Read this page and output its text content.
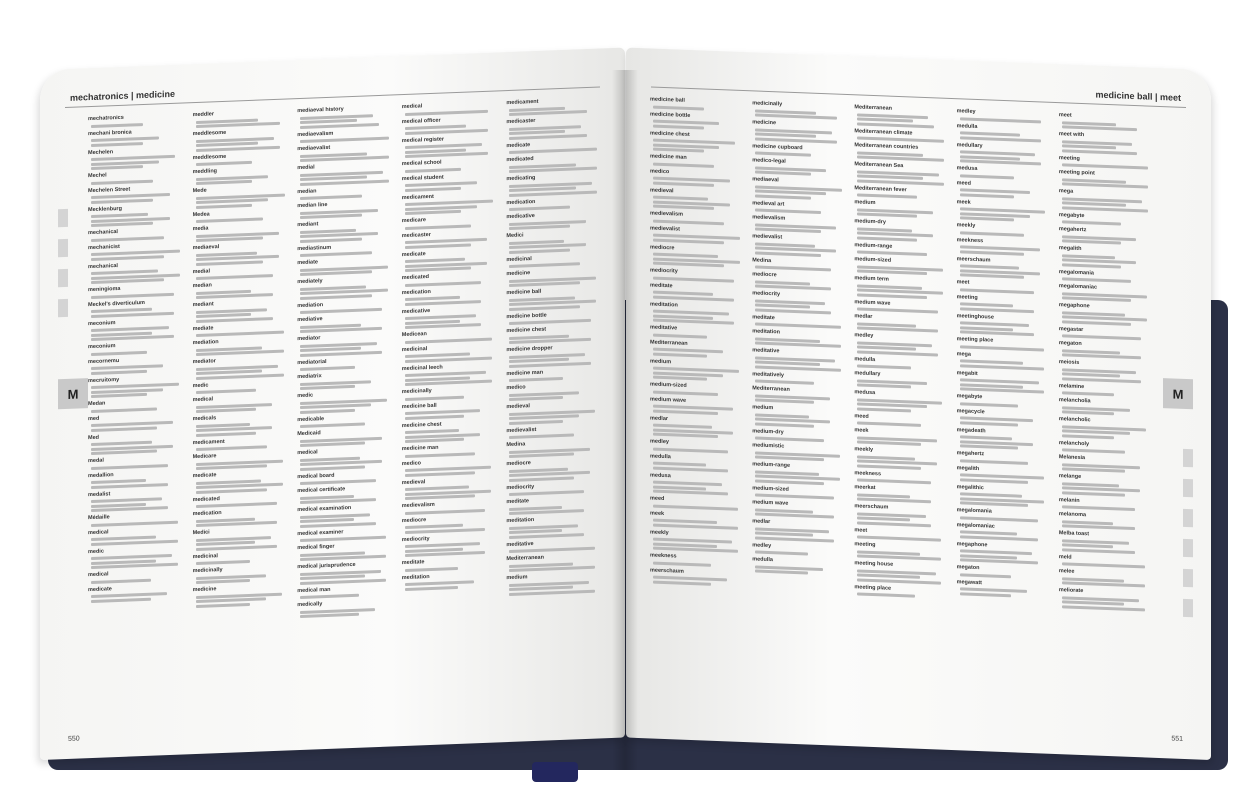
mechatronics | medicine
mechatronics
mechani bronica
Mechelen
Mechel
Mechelen Street
Mecklenburg
mechanical
mechanicist
mechanical
meningioma
Meckel's diverticulum
meconium
meconium
mecornemu
mecruitomy
Medan
med
Med
medal
medallion
medalist
Médaille
medical
medic
medical
medicate
meddler
meddlesome
meddlesome
meddling
Mede
Medea
media
mediaeval
medial
median
mediant
mediate
mediation
mediator
medic
medical
medicals
medicament
Medicare
medicate
medicated
medication
Medici
medicinal
medicinally
medicine
mediaeval history
mediaevalism
mediaevalist
medial
median
median line
mediant
mediastinum
mediate
mediately
mediation
mediative
mediator
mediatorial
mediatrix
medic
medicable
Medicaid
medical
medical board
medical certificate
medical examination
medical examiner
medical finger
medical jurisprudence
medical man
medically
medical
medical officer
medical register
medical school
medical student
medicament
medicare
medicaster
medicate
medicated
medication
medicative
Medicean
medicinal
medicinal leech
medicinally
medicine ball
medicine chest
medicine man
medico
medieval
medievalism
mediocre
mediocrity
meditate
meditation
medicament
medicaster
medicate
medicated
medicating
medication
medicative
Medici
medicinal
medicine
medicine ball
medicine bottle
medicine chest
medicine dropper
medicine man
medico
medieval
medievalist
Medina
mediocre
mediocrity
meditate
meditation
meditative
Mediterranean
medium
M
550
medicine ball | meet
medicine ball
medicine bottle
medicine chest
medicine man
medico
medieval
medievalism
medievalist
mediocre
mediocrity
meditate
meditation
meditative
Mediterranean
medium
medium-sized
medium wave
medlar
medley
medulla
medusa
meed
meek
meekly
meekness
meerschaum
medicinally
medicine
medicine cupboard
medico-legal
mediaeval
medieval art
medievalism
medievalist
Medina
mediocre
mediocrity
meditate
meditation
meditative
meditatively
Mediterranean
medium
medium-dry
mediumistic
medium-range
medium-sized
medium wave
medlar
medley
medulla
Mediterranean
Mediterranean climate
Mediterranean countries
Mediterranean Sea
Mediterranean fever
medium
medium-dry
medium-range
medium-sized
medium term
medium wave
medlar
medley
medulla
medullary
medusa
meed
meek
meekly
meekness
meerkat
meerschaum
meet
meeting
meeting house
meeting place
medley
medulla
medullary
medusa
meed
meek
meekly
meekness
meerschaum
meet
meeting
meetinghouse
meeting place
mega
megabit
megabyte
megacycle
megadeath
megahertz
megalith
megalithic
megalomania
megalomaniac
megaphone
megaton
megawatt
meet
meet with
meeting
meeting point
mega
megabyte
megahertz
megalith
megalomania
megalomaniac
megaphone
megastar
megaton
meiosis
melamine
melancholia
melancholic
melancholy
Melanesia
melange
melanin
melanoma
Melba toast
meld
melee
meliorate
M
551
